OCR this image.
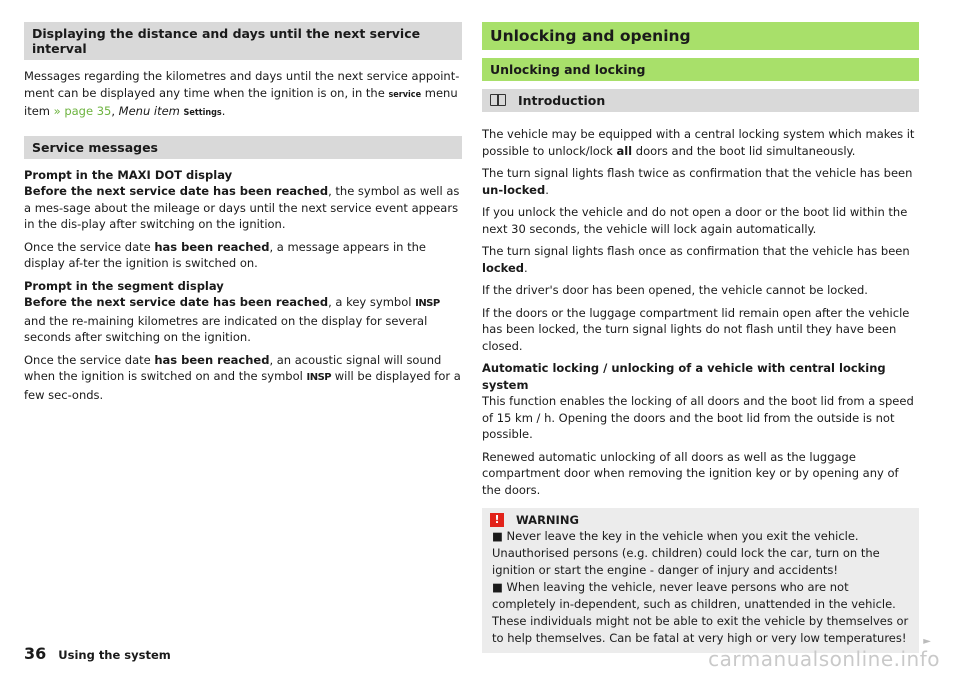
Displaying the distance and days until the next service interval

Messages regarding the kilometres and days until the next service appoint-ment can be displayed any time when the ignition is on, in the service menu item » page 35, Menu item Settings.

Service messages

Prompt in the MAXI DOT display
Before the next service date has been reached, the symbol as well as a mes-sage about the mileage or days until the next service event appears in the dis-play after switching on the ignition.

Once the service date has been reached, a message appears in the display af-ter the ignition is switched on.

Prompt in the segment display
Before the next service date has been reached, a key symbol INSP and the re-maining kilometres are indicated on the display for several seconds after switching on the ignition.

Once the service date has been reached, an acoustic signal will sound when the ignition is switched on and the symbol INSP will be displayed for a few sec-onds.

Unlocking and opening
Unlocking and locking
Introduction

The vehicle may be equipped with a central locking system which makes it possible to unlock/lock all doors and the boot lid simultaneously.

The turn signal lights flash twice as confirmation that the vehicle has been un-locked.

If you unlock the vehicle and do not open a door or the boot lid within the next 30 seconds, the vehicle will lock again automatically.

The turn signal lights flash once as confirmation that the vehicle has been locked.

If the driver's door has been opened, the vehicle cannot be locked.

If the doors or the luggage compartment lid remain open after the vehicle has been locked, the turn signal lights do not flash until they have been closed.

Automatic locking / unlocking of a vehicle with central locking system
This function enables the locking of all doors and the boot lid from a speed of 15 km / h. Opening the doors and the boot lid from the outside is not possible.

Renewed automatic unlocking of all doors as well as the luggage compartment door when removing the ignition key or by opening any of the doors.

!	WARNING

■ Never leave the key in the vehicle when you exit the vehicle. Unauthorised persons (e.g. children) could lock the car, turn on the ignition or start the engine - danger of injury and accidents!

■ When leaving the vehicle, never leave persons who are not completely in-dependent, such as children, unattended in the vehicle. These individuals might not be able to exit the vehicle by themselves or to help themselves. Can be fatal at very high or very low temperatures!	►
36 Using the system	carmanualsonline.info
